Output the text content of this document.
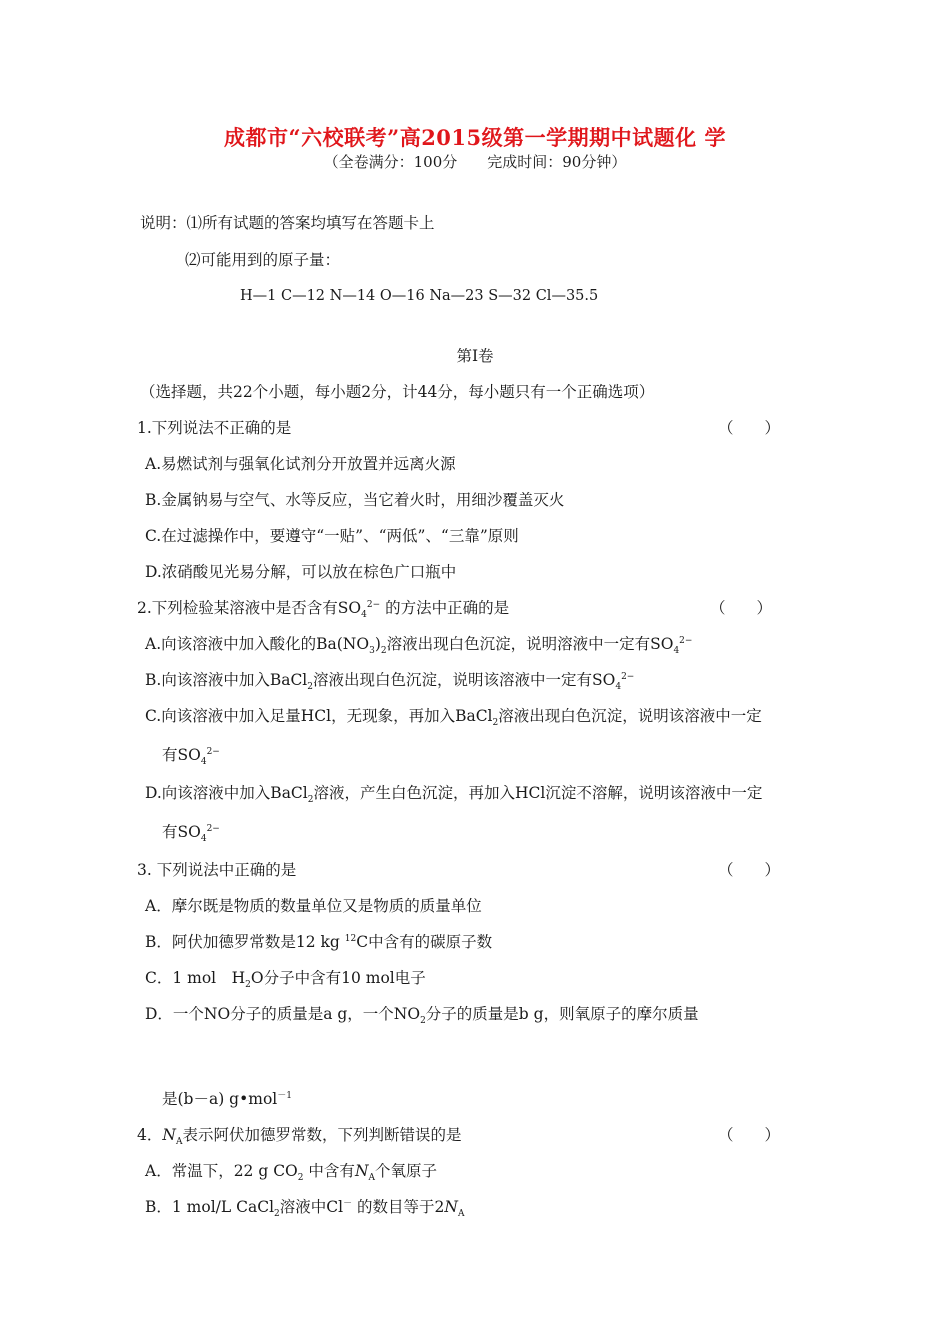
成都市“六校联考”高2015级第一学期期中试题化 学
（全卷满分：100分　　完成时间：90分钟）
说明：⑴所有试题的答案均填写在答题卡上
⑵可能用到的原子量：
H—1 C—12 N—14 O—16 Na—23 S—32 Cl—35.5
第Ⅰ卷
（选择题，共22个小题，每小题2分，计44分，每小题只有一个正确选项）
1.下列说法不正确的是	（　　）
A.易燃试剂与强氧化试剂分开放置并远离火源
B.金属钠易与空气、水等反应，当它着火时，用细沙覆盖灭火
C.在过滤操作中，要遵守“一贴”、“两低”、“三靠”原则
D.浓硝酸见光易分解，可以放在棕色广口瓶中
2.下列检验某溶液中是否含有$SO_4^{2-}$ 的方法中正确的是	（　　）
A.向该溶液中加入酸化的$Ba(NO_3)_2$溶液出现白色沉淀，说明溶液中一定有$SO_4^{2-}$
B.向该溶液中加入BaCl$_2$溶液出现白色沉淀，说明该溶液中一定有$SO_4^{2-}$
C.向该溶液中加入足量HCl，无现象，再加入BaCl$_2$溶液出现白色沉淀，说明该溶液中一定
有$SO_4^{2-}$
D.向该溶液中加入BaCl$_2$溶液，产生白色沉淀，再加入HCl沉淀不溶解，说明该溶液中一定
有$SO_4^{2-}$
3. 下列说法中正确的是	（　　）
A．摩尔既是物质的数量单位又是物质的质量单位
B．阿伏加德罗常数是12 kg $^{12}$C中含有的碳原子数
C．1 mol　$H_2O$分子中含有10 mol电子
D．一个NO分子的质量是a g，一个$NO_2$分子的质量是b g，则氧原子的摩尔质量
是(b－a) g•mol$^{-1}$
4．$N_A$表示阿伏加德罗常数，下列判断错误的是	（　　）
A．常温下，22 g $CO_2$ 中含有$N_A$个氧原子
B．1 mol/L CaCl$_2$溶液中Cl－ 的数目等于$2N_A$
